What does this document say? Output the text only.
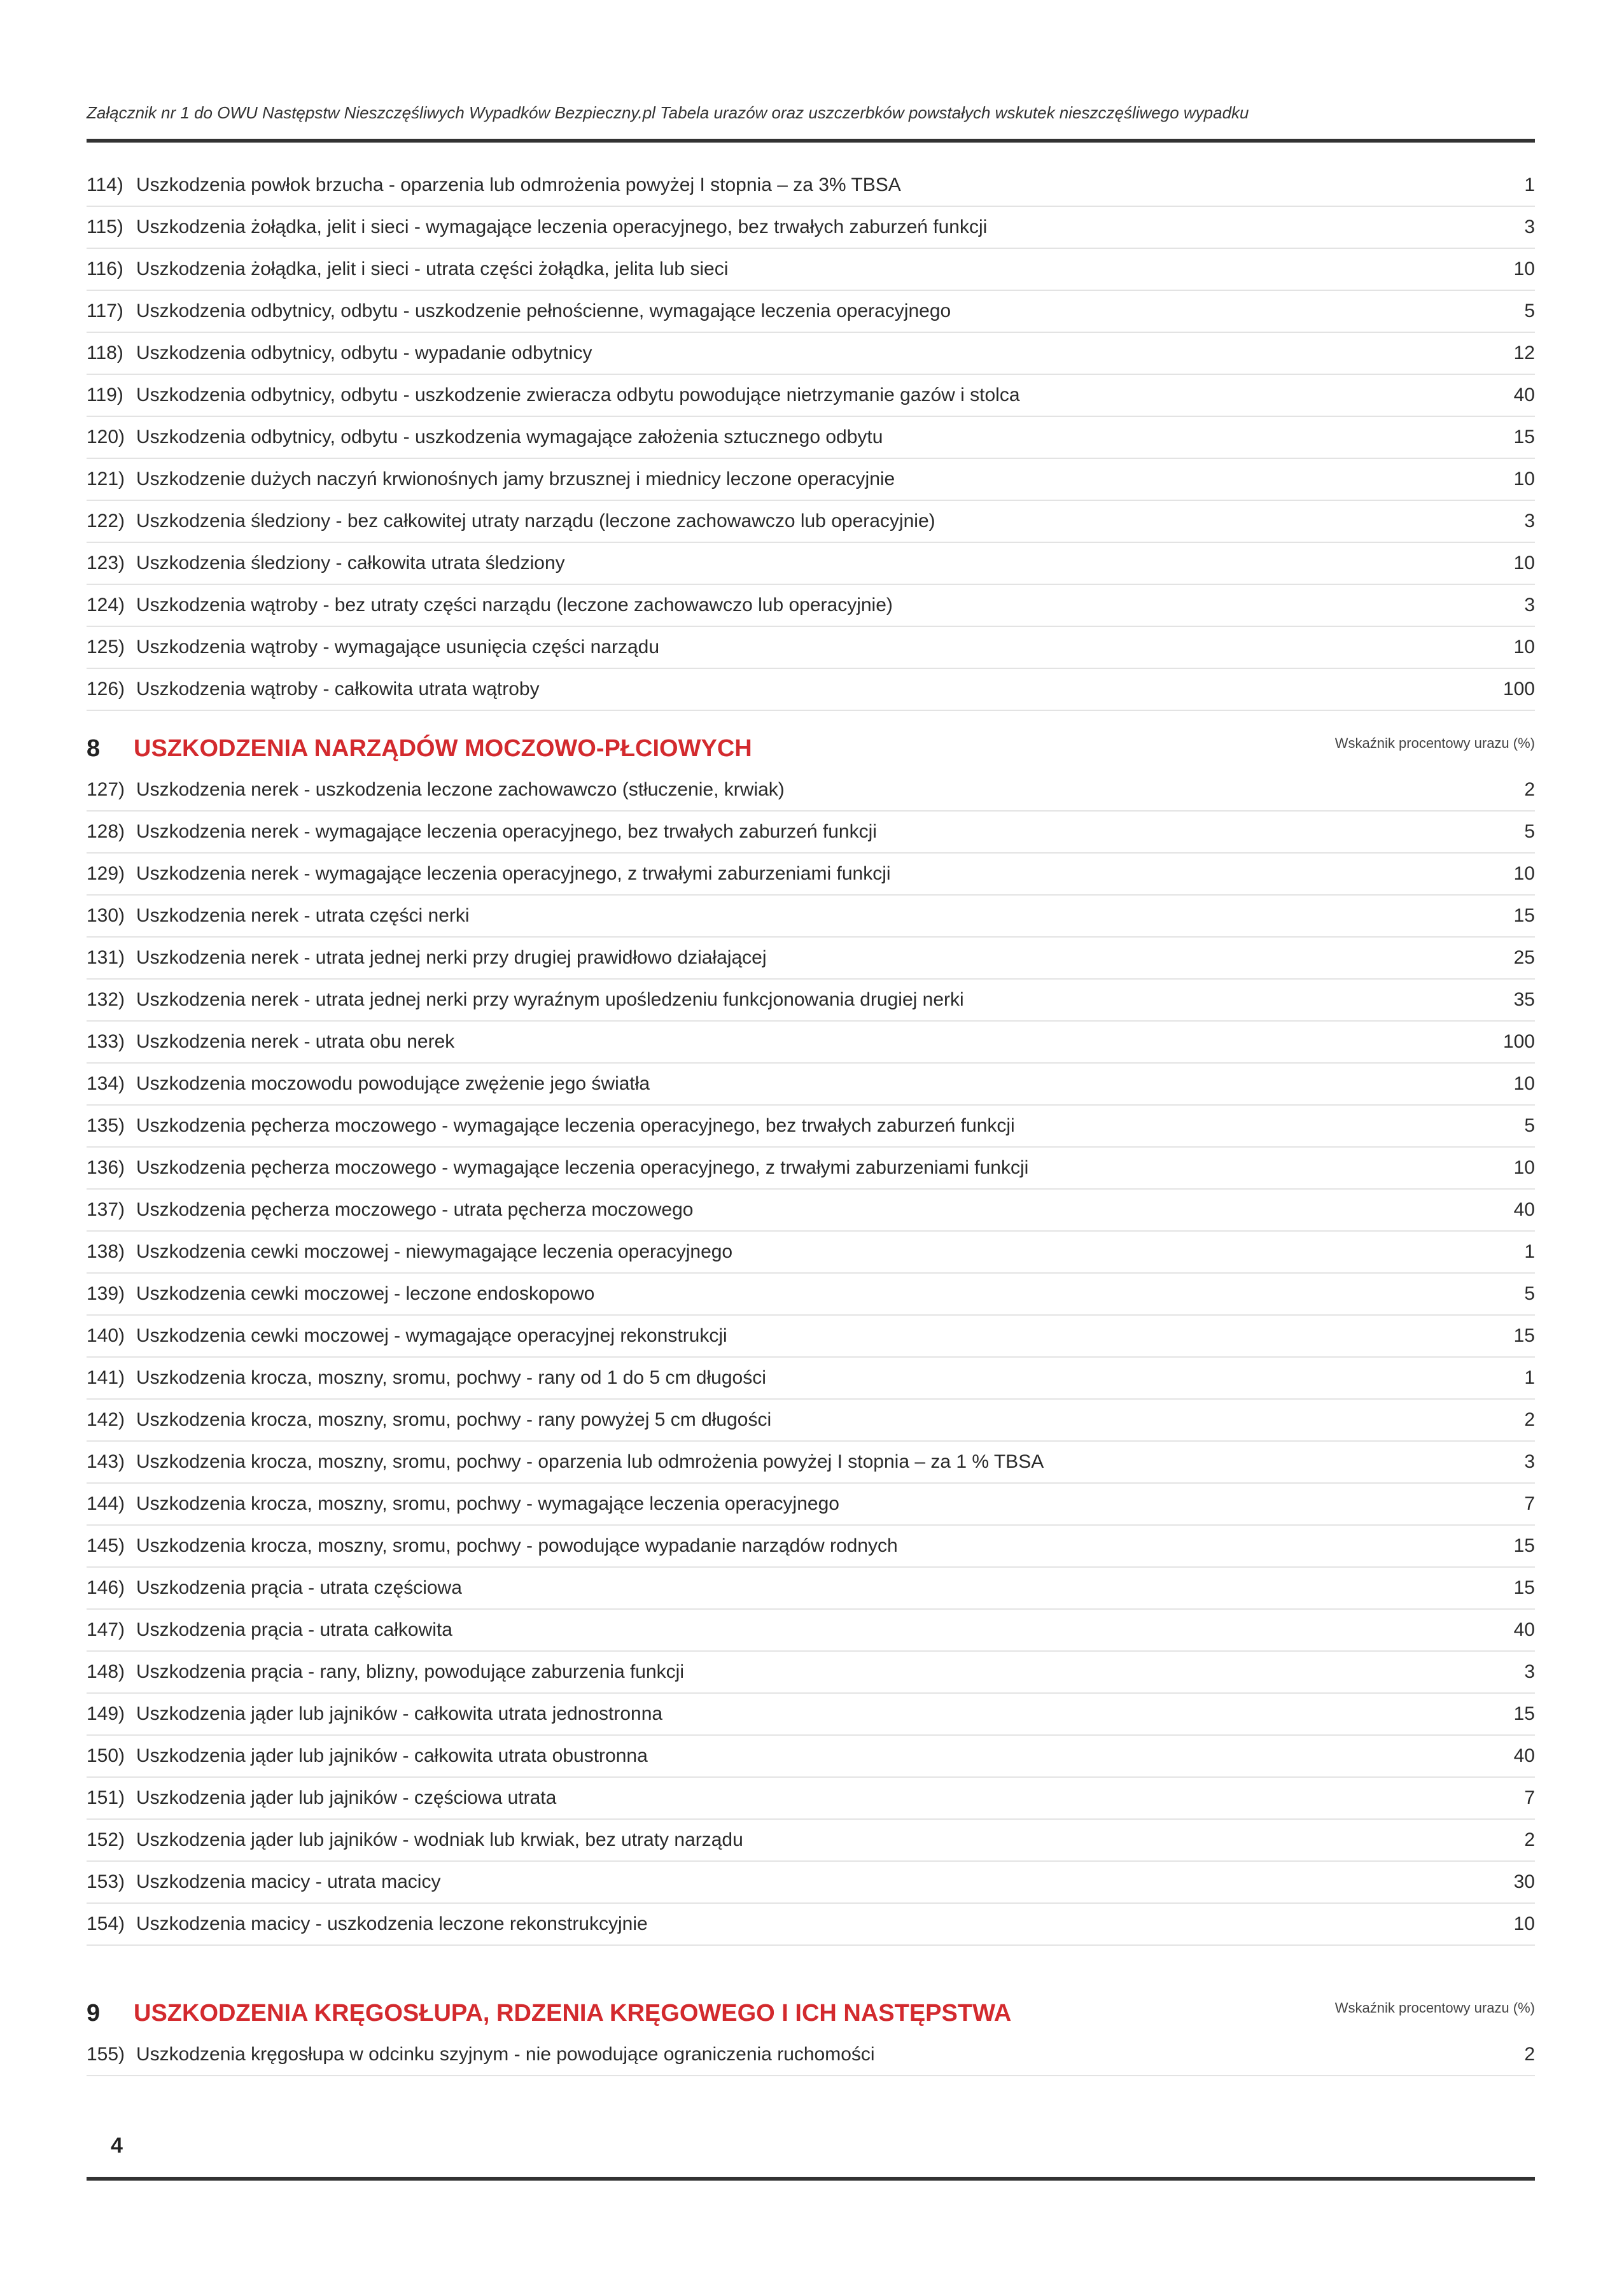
Załącznik nr 1 do OWU Następstw Nieszczęśliwych Wypadków Bezpieczny.pl Tabela urazów oraz uszczerbków powstałych wskutek nieszczęśliwego wypadku
114) Uszkodzenia powłok brzucha - oparzenia lub odmrożenia powyżej I stopnia – za 3% TBSA	1
115) Uszkodzenia żołądka, jelit i sieci - wymagające leczenia operacyjnego, bez trwałych zaburzeń funkcji	3
116) Uszkodzenia żołądka, jelit i sieci - utrata części żołądka, jelita lub sieci	10
117) Uszkodzenia odbytnicy, odbytu - uszkodzenie pełnościenne, wymagające leczenia operacyjnego	5
118) Uszkodzenia odbytnicy, odbytu - wypadanie odbytnicy	12
119) Uszkodzenia odbytnicy, odbytu - uszkodzenie zwieracza odbytu powodujące nietrzymanie gazów i stolca	40
120) Uszkodzenia odbytnicy, odbytu - uszkodzenia wymagające założenia sztucznego odbytu	15
121) Uszkodzenie dużych naczyń krwionośnych jamy brzusznej i miednicy leczone operacyjnie	10
122) Uszkodzenia śledziony - bez całkowitej utraty narządu (leczone zachowawczo lub operacyjnie)	3
123) Uszkodzenia śledziony - całkowita utrata śledziony	10
124) Uszkodzenia wątroby - bez utraty części narządu (leczone zachowawczo lub operacyjnie)	3
125) Uszkodzenia wątroby - wymagające usunięcia części narządu	10
126) Uszkodzenia wątroby - całkowita utrata wątroby	100
8 USZKODZENIA NARZĄDÓW MOCZOWO-PŁCIOWYCH	Wskaźnik procentowy urazu (%)
127) Uszkodzenia nerek - uszkodzenia leczone zachowawczo (stłuczenie, krwiak)	2
128) Uszkodzenia nerek - wymagające leczenia operacyjnego, bez trwałych zaburzeń funkcji	5
129) Uszkodzenia nerek - wymagające leczenia operacyjnego, z trwałymi zaburzeniami funkcji	10
130) Uszkodzenia nerek - utrata części nerki	15
131) Uszkodzenia nerek - utrata jednej nerki przy drugiej prawidłowo działającej	25
132) Uszkodzenia nerek - utrata jednej nerki przy wyraźnym upośledzeniu funkcjonowania drugiej nerki	35
133) Uszkodzenia nerek - utrata obu nerek	100
134) Uszkodzenia moczowodu powodujące zwężenie jego światła	10
135) Uszkodzenia pęcherza moczowego - wymagające leczenia operacyjnego, bez trwałych zaburzeń funkcji	5
136) Uszkodzenia pęcherza moczowego - wymagające leczenia operacyjnego, z trwałymi zaburzeniami funkcji	10
137) Uszkodzenia pęcherza moczowego - utrata pęcherza moczowego	40
138) Uszkodzenia cewki moczowej - niewymagające leczenia operacyjnego	1
139) Uszkodzenia cewki moczowej - leczone endoskopowo	5
140) Uszkodzenia cewki moczowej - wymagające operacyjnej rekonstrukcji	15
141) Uszkodzenia krocza, moszny, sromu, pochwy - rany od 1 do 5 cm długości	1
142) Uszkodzenia krocza, moszny, sromu, pochwy - rany powyżej 5 cm długości	2
143) Uszkodzenia krocza, moszny, sromu, pochwy - oparzenia lub odmrożenia powyżej I stopnia – za 1 % TBSA	3
144) Uszkodzenia krocza, moszny, sromu, pochwy - wymagające leczenia operacyjnego	7
145) Uszkodzenia krocza, moszny, sromu, pochwy - powodujące wypadanie narządów rodnych	15
146) Uszkodzenia prącia - utrata częściowa	15
147) Uszkodzenia prącia - utrata całkowita	40
148) Uszkodzenia prącia - rany, blizny, powodujące zaburzenia funkcji	3
149) Uszkodzenia jąder lub jajników - całkowita utrata jednostronna	15
150) Uszkodzenia jąder lub jajników - całkowita utrata obustronna	40
151) Uszkodzenia jąder lub jajników - częściowa utrata	7
152) Uszkodzenia jąder lub jajników - wodniak lub krwiak, bez utraty narządu	2
153) Uszkodzenia macicy - utrata macicy	30
154) Uszkodzenia macicy - uszkodzenia leczone rekonstrukcyjnie	10
9 USZKODZENIA KRĘGOSŁUPA, RDZENIA KRĘGOWEGO I ICH NASTĘPSTWA	Wskaźnik procentowy urazu (%)
155) Uszkodzenia kręgosłupa w odcinku szyjnym - nie powodujące ograniczenia ruchomości	2
4
